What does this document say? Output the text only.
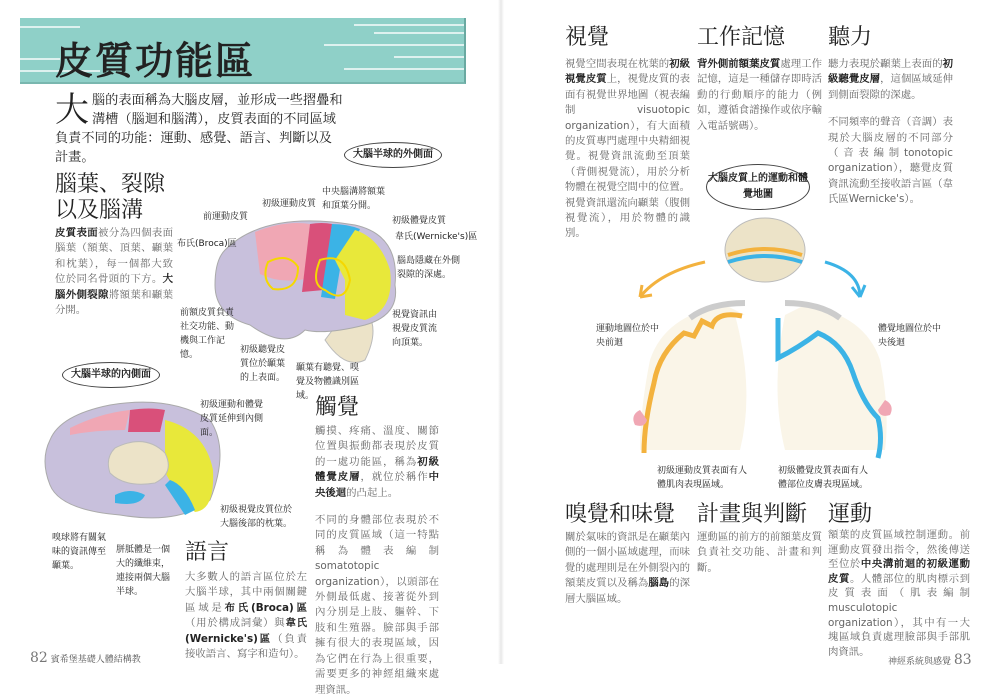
皮質功能區
大腦的表面稱為大腦皮層，並形成一些摺疊和溝槽（腦迴和腦溝），皮質表面的不同區域負責不同的功能：運動、感覺、語言、判斷以及計畫。
腦葉、裂隙以及腦溝
皮質表面被分為四個表面腦葉（額葉、頂葉、顳葉和枕葉），每一個都大致位於同名骨頭的下方。大腦外側裂隙將額葉和顳葉分開。
大腦半球的外側面
初級運動皮質
前運動皮質
中央腦溝將額葉和頂葉分開。
初級體覺皮質
韋氏(Wernicke's)區
腦島隱藏在外側裂隙的深處。
布氏(Broca)區
前額皮質負責社交功能、動機與工作記憶。	初級聽覺皮質位於顳葉的上表面。
顳葉有聽覺、嗅覺及物體識別區域。
視覺資訊由視覺皮質流向頂葉。
大腦半球的內側面
初級運動和體覺皮質延伸到內側面。
初級視覺皮質位於大腦後部的枕葉。
嗅球將有關氣味的資訊傳至顳葉。
胼胝體是一個大的纖維束，連接兩個大腦半球。
觸覺
觸摸、疼痛、溫度、關節位置與振動都表現於皮質的一處功能區，稱為初級體覺皮層，就位於稱作中央後迴的凸起上。
不同的身體部位表現於不同的皮質區域（這一特點稱為體表編制somatotopic organization），以頭部在外側最低處、接著從外到內分別是上肢、軀幹、下肢和生殖器。臉部與手部擁有很大的表現區域，因為它們在行為上很重要，需要更多的神經組織來處理資訊。
語言
大多數人的語言區位於左大腦半球，其中兩個關鍵區域是布氏(Broca)區（用於構成詞彙）與韋氏(Wernicke's)區（負責接收語言、寫字和造句）。
82 賓希堡基礎人體結構教
視覺
視覺空間表現在枕葉的初級視覺皮質上，視覺皮質的表面有視覺世界地圖（視表編制visuotopic organization），有大面積的皮質專門處理中央精細視覺。視覺資訊流動至頂葉（背側視覺流），用於分析物體在視覺空間中的位置。視覺資訊還流向顳葉（腹側視覺流），用於物體的識別。
工作記憶
背外側前額葉皮質處理工作記憶，這是一種儲存即時活動的行動順序的能力（例如，遵循食譜操作或依序輸入電話號碼）。
聽力
聽力表現於顳葉上表面的初級聽覺皮層，這個區域延伸到側面裂隙的深處。
不同頻率的聲音（音調）表現於大腦皮層的不同部分（音表編制tonotopic organization），聽覺皮質資訊流動至接收語言區（韋氏區Wernicke's）。
大腦皮質上的運動和體覺地圖
運動地圖位於中央前迴
體覺地圖位於中央後迴
初級運動皮質表面有人體肌肉表現區域。
初級體覺皮質表面有人體部位皮膚表現區域。
嗅覺和味覺
關於氣味的資訊是在顳葉內側的一個小區域處理，而味覺的處理則是在外側裂內的額葉皮質以及稱為腦島的深層大腦區域。
計畫與判斷
運動區的前方的前額葉皮質負責社交功能、計畫和判斷。
運動
額葉的皮質區域控制運動。前運動皮質發出指令，然後傳送至位於中央溝前迴的初級運動皮質。人體部位的肌肉標示到皮質表面（肌表編制 musculotopic organization），其中有一大塊區域負責處理臉部與手部肌肉資訊。
神經系統與感覺 83
